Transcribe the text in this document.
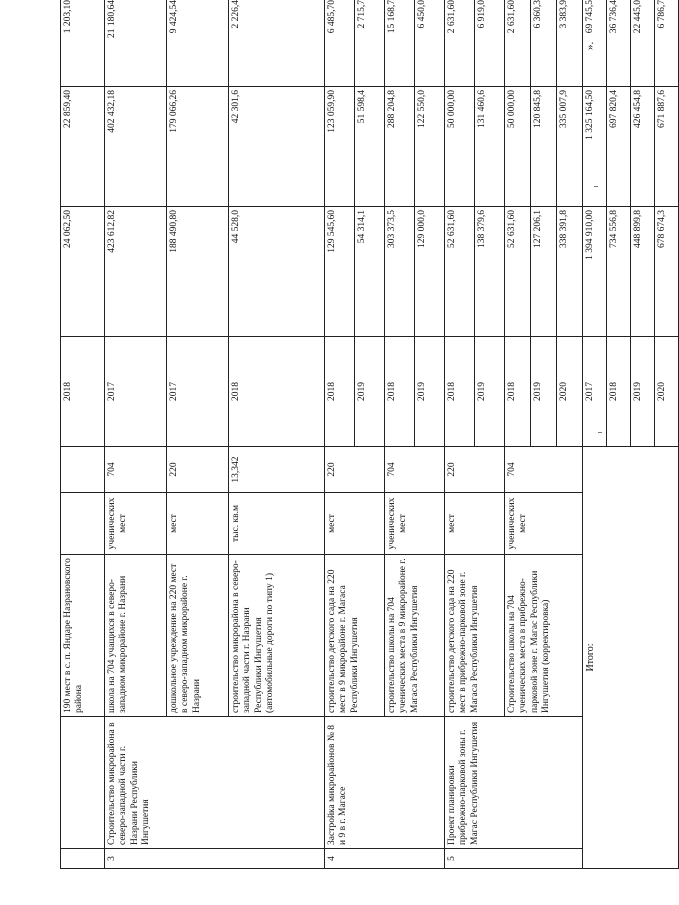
		190 мест в с. п. Яндаре Назрановского района			2018	24 062,50	22 859,40	1 203,10
3	Строительство микрорайона в северо-западной части г. Назрани Республики Ингушетия	школа на 704 учащихся в северо-западном микрорайоне г. Назрани	ученических мест	704	2017	423 612,82	402 432,18	21 180,64
		дошкольное учреждение на 220 мест в северо-западном микрорайоне г. Назрани	мест	220	2017	188 490,80	179 066,26	9 424,54
		строительство микрорайона в северо-западной части г. Назрани Республики Ингушетия (автомобильные дороги по типу 1)	тыс. кв.м	13,342	2018	44 528,0	42 301,6	2 226,4
4	Застройка микрорайонов № 8 и 9 в г. Магасе	строительство детского сада на 220 мест в 9 микрорайоне г. Магаса Республики Ингушетия	мест	220	2018	129 545,60	123 059,90	6 485,70
					2019	54 314,1	51 598,4	2 715,7
		строительство школы на 704 ученических места в 9 микрорайоне г. Магаса Республики Ингушетия	ученических мест	704	2018	303 373,5	288 204,8	15 168,7
					2019	129 000,0	122 550,0	6 450,0
5	Проект планировки прибрежно-парковой зоны г. Магас Республики Ингушетия	строительство детского сада на 220 мест в прибрежно-парковой зоне г. Магаса Республики Ингушетия	мест	220	2018	52 631,60	50 000,00	2 631,60
					2019	138 379,6	131 460,6	6 919,0
		Строительство школы на 704 ученических места в прибрежно-парковой зоне г. Магас Республики Ингушетия (корректировка)	ученических мест	704	2018	52 631,60	50 000,00	2 631,60
					2019	127 206,1	120 845,8	6 360,3
					2020	338 391,8	335 007,9	3 383,9
Итого:					2017	1 394 910,00	1 325 164,50	69 745,5
					2018	734 556,8	697 820,4	36 736,4
					2019	448 899,8	426 454,8	22 445,0
					2020	678 674,3	671 887,6	6 786,7
».
